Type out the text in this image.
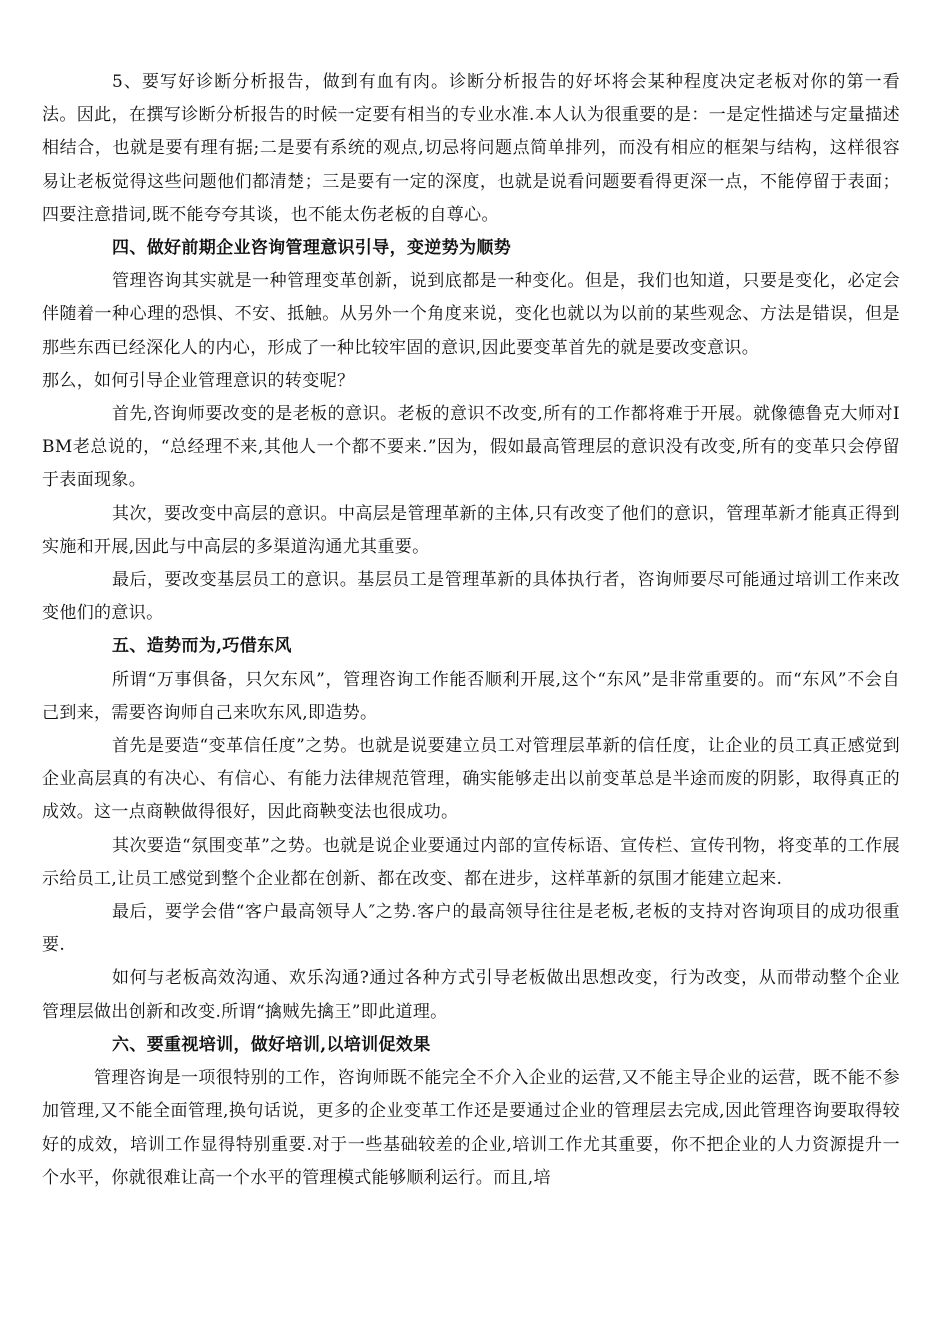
5、要写好诊断分析报告，做到有血有肉。诊断分析报告的好坏将会某种程度决定老板对你的第一看法。因此，在撰写诊断分析报告的时候一定要有相当的专业水准.本人认为很重要的是：一是定性描述与定量描述相结合，也就是要有理有据;二是要有系统的观点,切忌将问题点简单排列，而没有相应的框架与结构，这样很容易让老板觉得这些问题他们都清楚；三是要有一定的深度，也就是说看问题要看得更深一点，不能停留于表面；四要注意措词,既不能夸夸其谈，也不能太伤老板的自尊心。

四、做好前期企业咨询管理意识引导，变逆势为顺势

管理咨询其实就是一种管理变革创新，说到底都是一种变化。但是，我们也知道，只要是变化，必定会伴随着一种心理的恐惧、不安、抵触。从另外一个角度来说，变化也就以为以前的某些观念、方法是错误，但是那些东西已经深化人的内心，形成了一种比较牢固的意识,因此要变革首先的就是要改变意识。

那么，如何引导企业管理意识的转变呢？

首先,咨询师要改变的是老板的意识。老板的意识不改变,所有的工作都将难于开展。就像德鲁克大师对IBM老总说的，“总经理不来,其他人一个都不要来.”因为，假如最高管理层的意识没有改变,所有的变革只会停留于表面现象。

其次，要改变中高层的意识。中高层是管理革新的主体,只有改变了他们的意识，管理革新才能真正得到实施和开展,因此与中高层的多渠道沟通尤其重要。

最后，要改变基层员工的意识。基层员工是管理革新的具体执行者，咨询师要尽可能通过培训工作来改变他们的意识。

五、造势而为,巧借东风

所谓“万事俱备，只欠东风”，管理咨询工作能否顺利开展,这个“东风”是非常重要的。而“东风”不会自己到来，需要咨询师自己来吹东风,即造势。

首先是要造“变革信任度”之势。也就是说要建立员工对管理层革新的信任度，让企业的员工真正感觉到企业高层真的有决心、有信心、有能力法律规范管理，确实能够走出以前变革总是半途而废的阴影，取得真正的成效。这一点商鞅做得很好，因此商鞅变法也很成功。

其次要造“氛围变革”之势。也就是说企业要通过内部的宣传标语、宣传栏、宣传刊物，将变革的工作展示给员工,让员工感觉到整个企业都在创新、都在改变、都在进步，这样革新的氛围才能建立起来.

最后，要学会借“客户最高领导人″之势.客户的最高领导往往是老板,老板的支持对咨询项目的成功很重要.

如何与老板高效沟通、欢乐沟通?通过各种方式引导老板做出思想改变，行为改变，从而带动整个企业管理层做出创新和改变.所谓“擒贼先擒王”即此道理。

六、要重视培训，做好培训,以培训促效果

管理咨询是一项很特别的工作，咨询师既不能完全不介入企业的运营,又不能主导企业的运营，既不能不参加管理,又不能全面管理,换句话说，更多的企业变革工作还是要通过企业的管理层去完成,因此管理咨询要取得较好的成效，培训工作显得特别重要.对于一些基础较差的企业,培训工作尤其重要，你不把企业的人力资源提升一个水平，你就很难让高一个水平的管理模式能够顺利运行。而且,培
